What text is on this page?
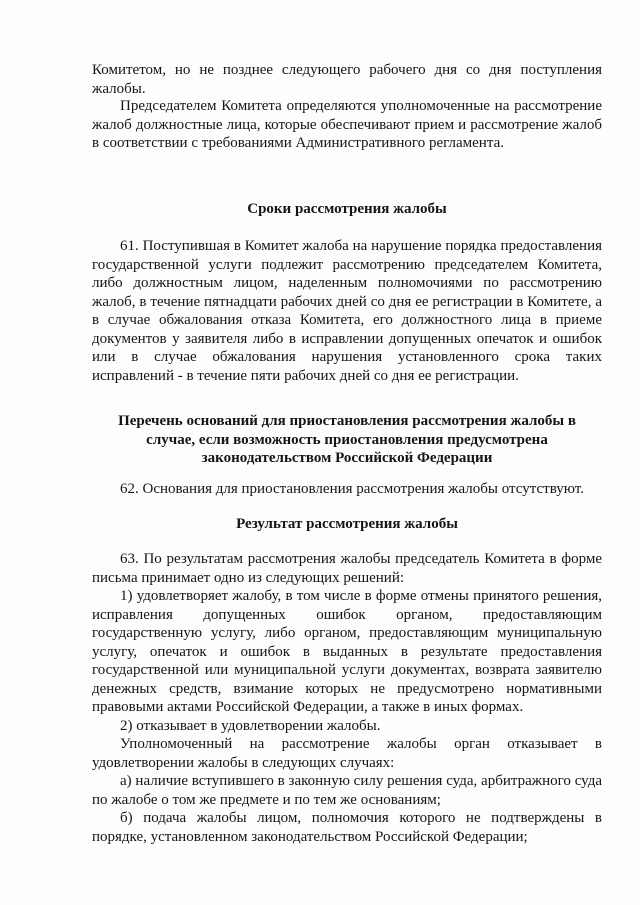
Комитетом, но не позднее следующего рабочего дня со дня поступления жалобы.

Председателем Комитета определяются уполномоченные на рассмотрение жалоб должностные лица, которые обеспечивают прием и рассмотрение жалоб в соответствии с требованиями Административного регламента.

Сроки рассмотрения жалобы

61. Поступившая в Комитет жалоба на нарушение порядка предоставления государственной услуги подлежит рассмотрению председателем Комитета, либо должностным лицом, наделенным полномочиями по рассмотрению жалоб, в течение пятнадцати рабочих дней со дня ее регистрации в Комитете, а в случае обжалования отказа Комитета, его должностного лица в приеме документов у заявителя либо в исправлении допущенных опечаток и ошибок или в случае обжалования нарушения установленного срока таких исправлений - в течение пяти рабочих дней со дня ее регистрации.

Перечень оснований для приостановления рассмотрения жалобы в случае, если возможность приостановления предусмотрена законодательством Российской Федерации

62. Основания для приостановления рассмотрения жалобы отсутствуют.

Результат рассмотрения жалобы

63. По результатам рассмотрения жалобы председатель Комитета в форме письма принимает одно из следующих решений:

1) удовлетворяет жалобу, в том числе в форме отмены принятого решения, исправления допущенных ошибок органом, предоставляющим государственную услугу, либо органом, предоставляющим муниципальную услугу, опечаток и ошибок в выданных в результате предоставления государственной или муниципальной услуги документах, возврата заявителю денежных средств, взимание которых не предусмотрено нормативными правовыми актами Российской Федерации, а также в иных формах.

2) отказывает в удовлетворении жалобы.

Уполномоченный на рассмотрение жалобы орган отказывает в удовлетворении жалобы в следующих случаях:

а) наличие вступившего в законную силу решения суда, арбитражного суда по жалобе о том же предмете и по тем же основаниям;

б) подача жалобы лицом, полномочия которого не подтверждены в порядке, установленном законодательством Российской Федерации;
